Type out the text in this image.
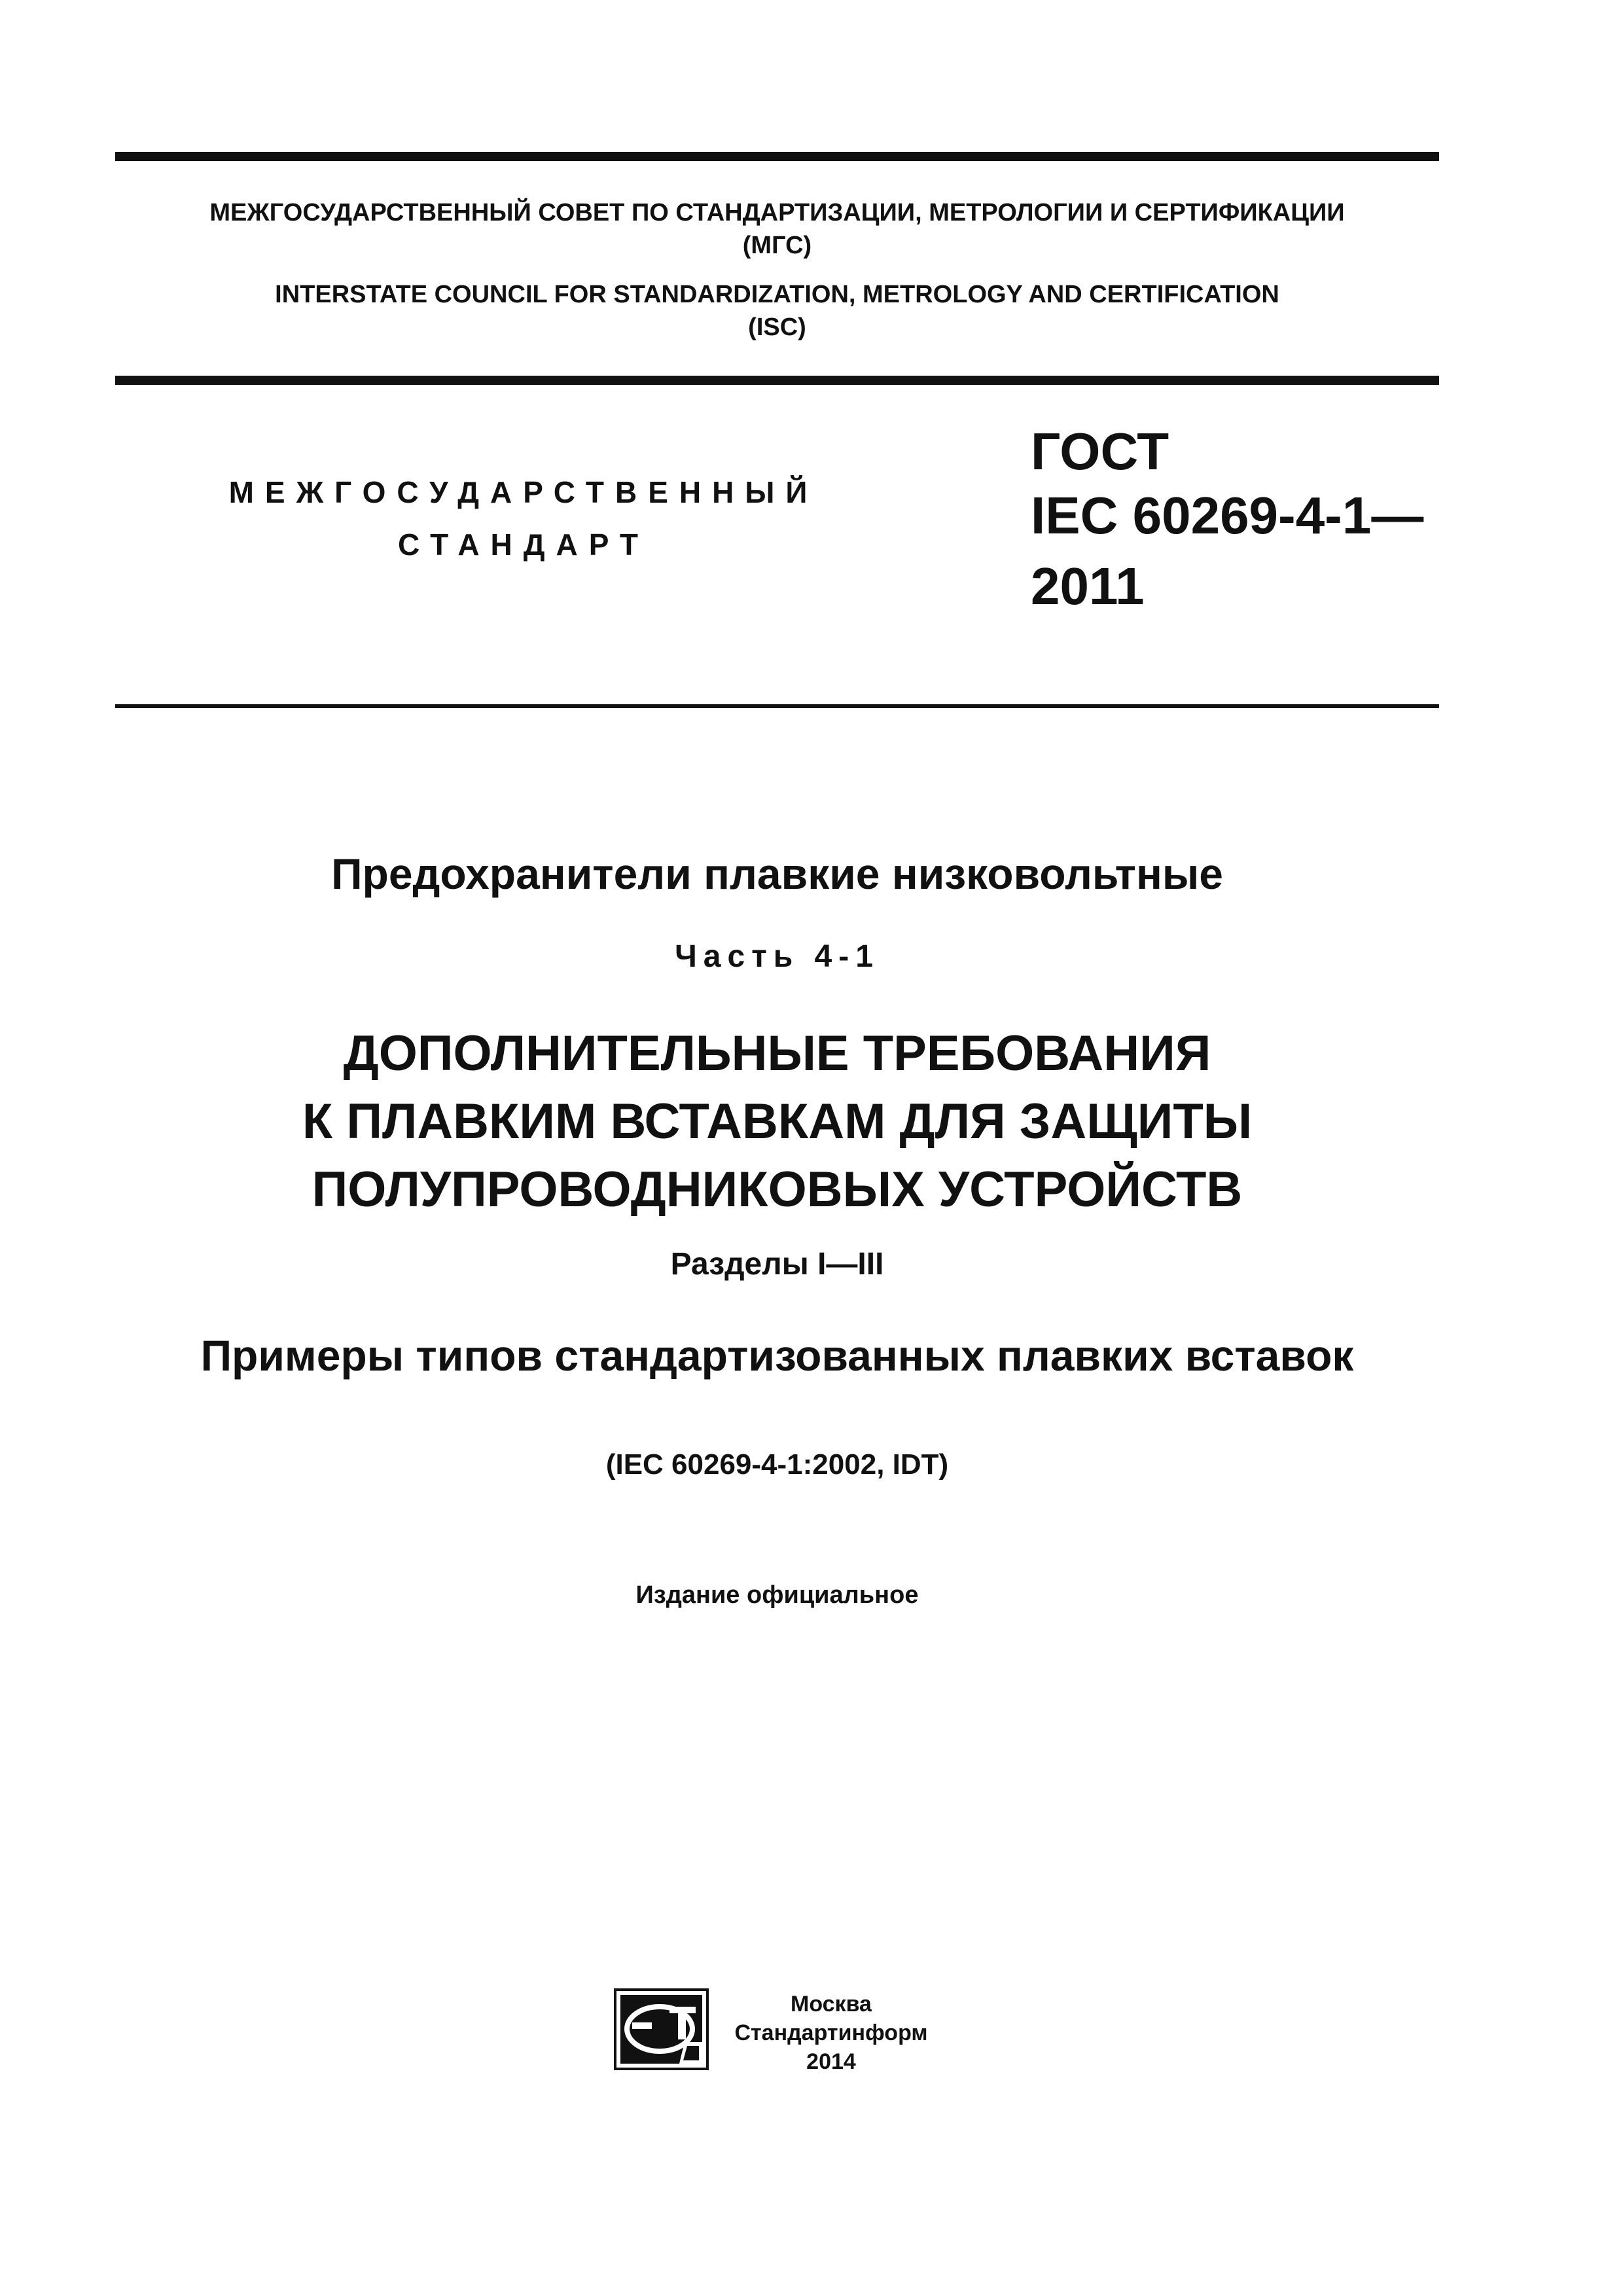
МЕЖГОСУДАРСТВЕННЫЙ СОВЕТ ПО СТАНДАРТИЗАЦИИ, МЕТРОЛОГИИ И СЕРТИФИКАЦИИ
(МГС)
INTERSTATE COUNCIL FOR STANDARDIZATION, METROLOGY AND CERTIFICATION
(ISC)
МЕЖГОСУДАРСТВЕННЫЙ
СТАНДАРТ
ГОСТ
IEC 60269-4-1—
2011
Предохранители плавкие низковольтные
Часть 4-1
ДОПОЛНИТЕЛЬНЫЕ ТРЕБОВАНИЯ
К ПЛАВКИМ ВСТАВКАМ ДЛЯ ЗАЩИТЫ
ПОЛУПРОВОДНИКОВЫХ УСТРОЙСТВ
Разделы I—III
Примеры типов стандартизованных плавких вставок
(IEC 60269-4-1:2002, IDT)
Издание официальное
Москва
Стандартинформ
2014
